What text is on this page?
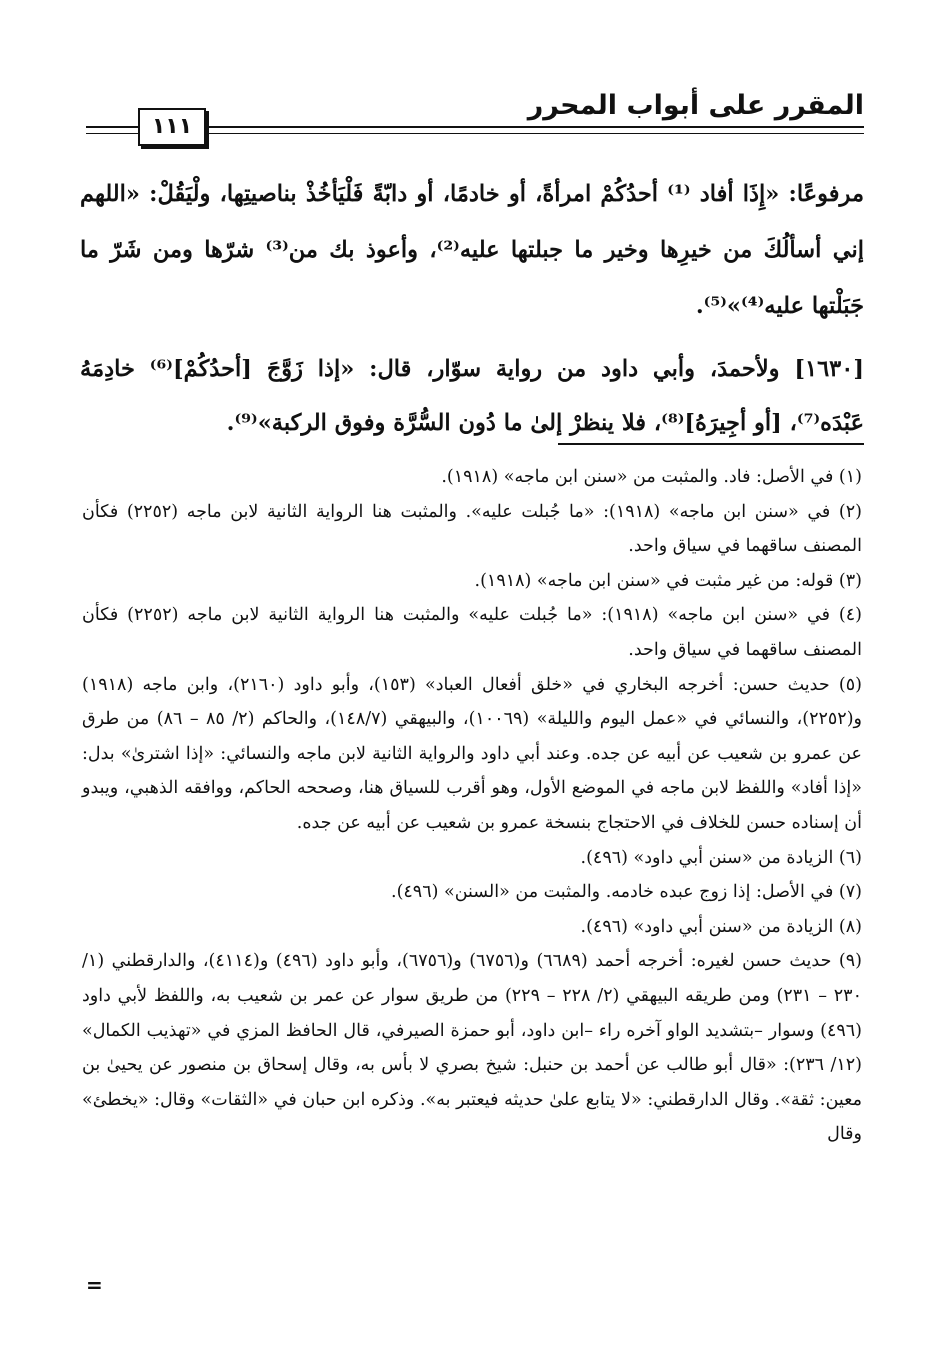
المقرر على أبواب المحرر
١١١

مرفوعًا: «إِذَا أفاد ⁽¹⁾ أحدُكُمْ امرأةً، أو خادمًا، أو دابّةً فَلْيَأخُذْ بناصيتِها، ولْيَقُلْ: «اللهم إني أسألُكَ من خيرِها وخير ما جبلتها عليه⁽²⁾، وأعوذ بك من⁽³⁾ شرّها ومن شَرّ ما جَبَلْتها عليه⁽⁴⁾»⁽⁵⁾.

[١٦٣٠] ولأحمدَ، وأبي داود من رواية سوّار، قال: «إذا زَوَّجَ [أحدُكُمْ]⁽⁶⁾ خادِمَهُ عَبْدَه⁽⁷⁾، [أو أجِيرَهُ]⁽⁸⁾، فلا ينظرْ إلىٰ ما دُون السُّرَّة وفوق الركبة»⁽⁹⁾.

(١) في الأصل: فاد. والمثبت من «سنن ابن ماجه» (١٩١٨).

(٢) في «سنن ابن ماجه» (١٩١٨): «ما جُبلت عليه». والمثبت هنا الرواية الثانية لابن ماجه (٢٢٥٢) فكأن المصنف ساقهما في سياق واحد.

(٣) قوله: من غير مثبت في «سنن ابن ماجه» (١٩١٨).

(٤) في «سنن ابن ماجه» (١٩١٨): «ما جُبلت عليه» والمثبت هنا الرواية الثانية لابن ماجه (٢٢٥٢) فكأن المصنف ساقهما في سياق واحد.

(٥) حديث حسن: أخرجه البخاري في «خلق أفعال العباد» (١٥٣)، وأبو داود (٢١٦٠)، وابن ماجه (١٩١٨) و(٢٢٥٢)، والنسائي في «عمل اليوم والليلة» (١٠٠٦٩)، والبيهقي (١٤٨/٧)، والحاكم (٢/ ٨٥ – ٨٦) من طرق عن عمرو بن شعيب عن أبيه عن جده. وعند أبي داود والرواية الثانية لابن ماجه والنسائي: «إذا اشترىٰ» بدل: «إذا أفاد» واللفظ لابن ماجه في الموضع الأول، وهو أقرب للسياق هنا، وصححه الحاكم، ووافقه الذهبي، ويبدو أن إسناده حسن للخلاف في الاحتجاج بنسخة عمرو بن شعيب عن أبيه عن جده.

(٦) الزيادة من «سنن أبي داود» (٤٩٦).

(٧) في الأصل: إذا زوج عبده خادمه. والمثبت من «السنن» (٤٩٦).

(٨) الزيادة من «سنن أبي داود» (٤٩٦).

(٩) حديث حسن لغيره: أخرجه أحمد (٦٦٨٩) و(٦٧٥٦) و(٦٧٥٦)، وأبو داود (٤٩٦) و(٤١١٤)، والدارقطني (١/ ٢٣٠ – ٢٣١) ومن طريقه البيهقي (٢/ ٢٢٨ – ٢٢٩) من طريق سوار عن عمر بن شعيب به، واللفظ لأبي داود (٤٩٦) وسوار –بتشديد الواو آخره راء –ابن داود، أبو حمزة الصيرفي، قال الحافظ المزي في «تهذيب الكمال» (١٢/ ٢٣٦): «قال أبو طالب عن أحمد بن حنبل: شيخ بصري لا بأس به، وقال إسحاق بن منصور عن يحيىٰ بن معين: ثقة». وقال الدارقطني: «لا يتابع علىٰ حديثه فيعتبر به». وذكره ابن حبان في «الثقات» وقال: «يخطئ» وقال

=
